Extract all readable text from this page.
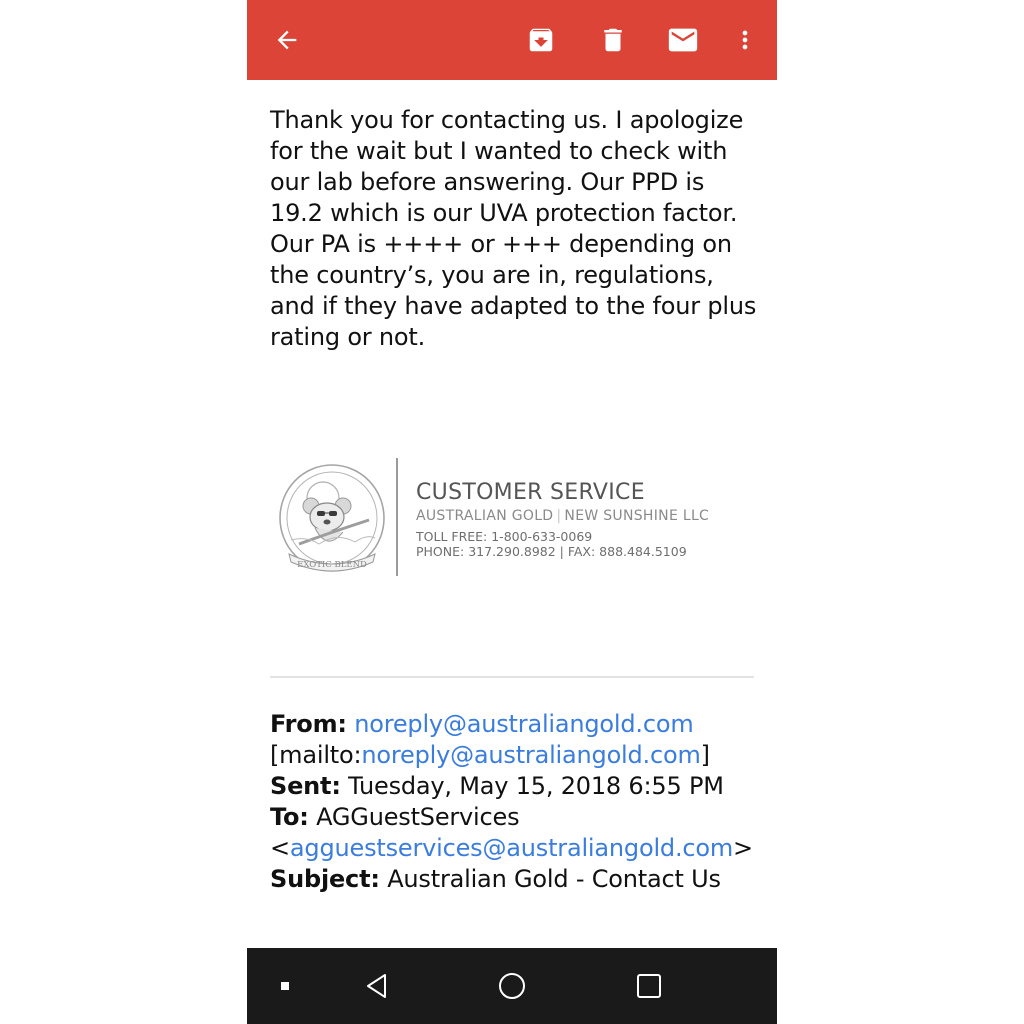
Thank you for contacting us. I apologize for the wait but I wanted to check with our lab before answering. Our PPD is 19.2 which is our UVA protection factor. Our PA is ++++ or +++ depending on the country’s, you are in, regulations, and if they have adapted to the four plus rating or not.

EXOTIC BLEND
CUSTOMER SERVICE
AUSTRALIAN GOLD | NEW SUNSHINE LLC
TOLL FREE: 1-800-633-0069
PHONE: 317.290.8982 | FAX: 888.484.5109
From: noreply@australiangold.com
[mailto:noreply@australiangold.com]
Sent: Tuesday, May 15, 2018 6:55 PM
To: AGGuestServices
<agguestservices@australiangold.com>
Subject: Australian Gold - Contact Us
